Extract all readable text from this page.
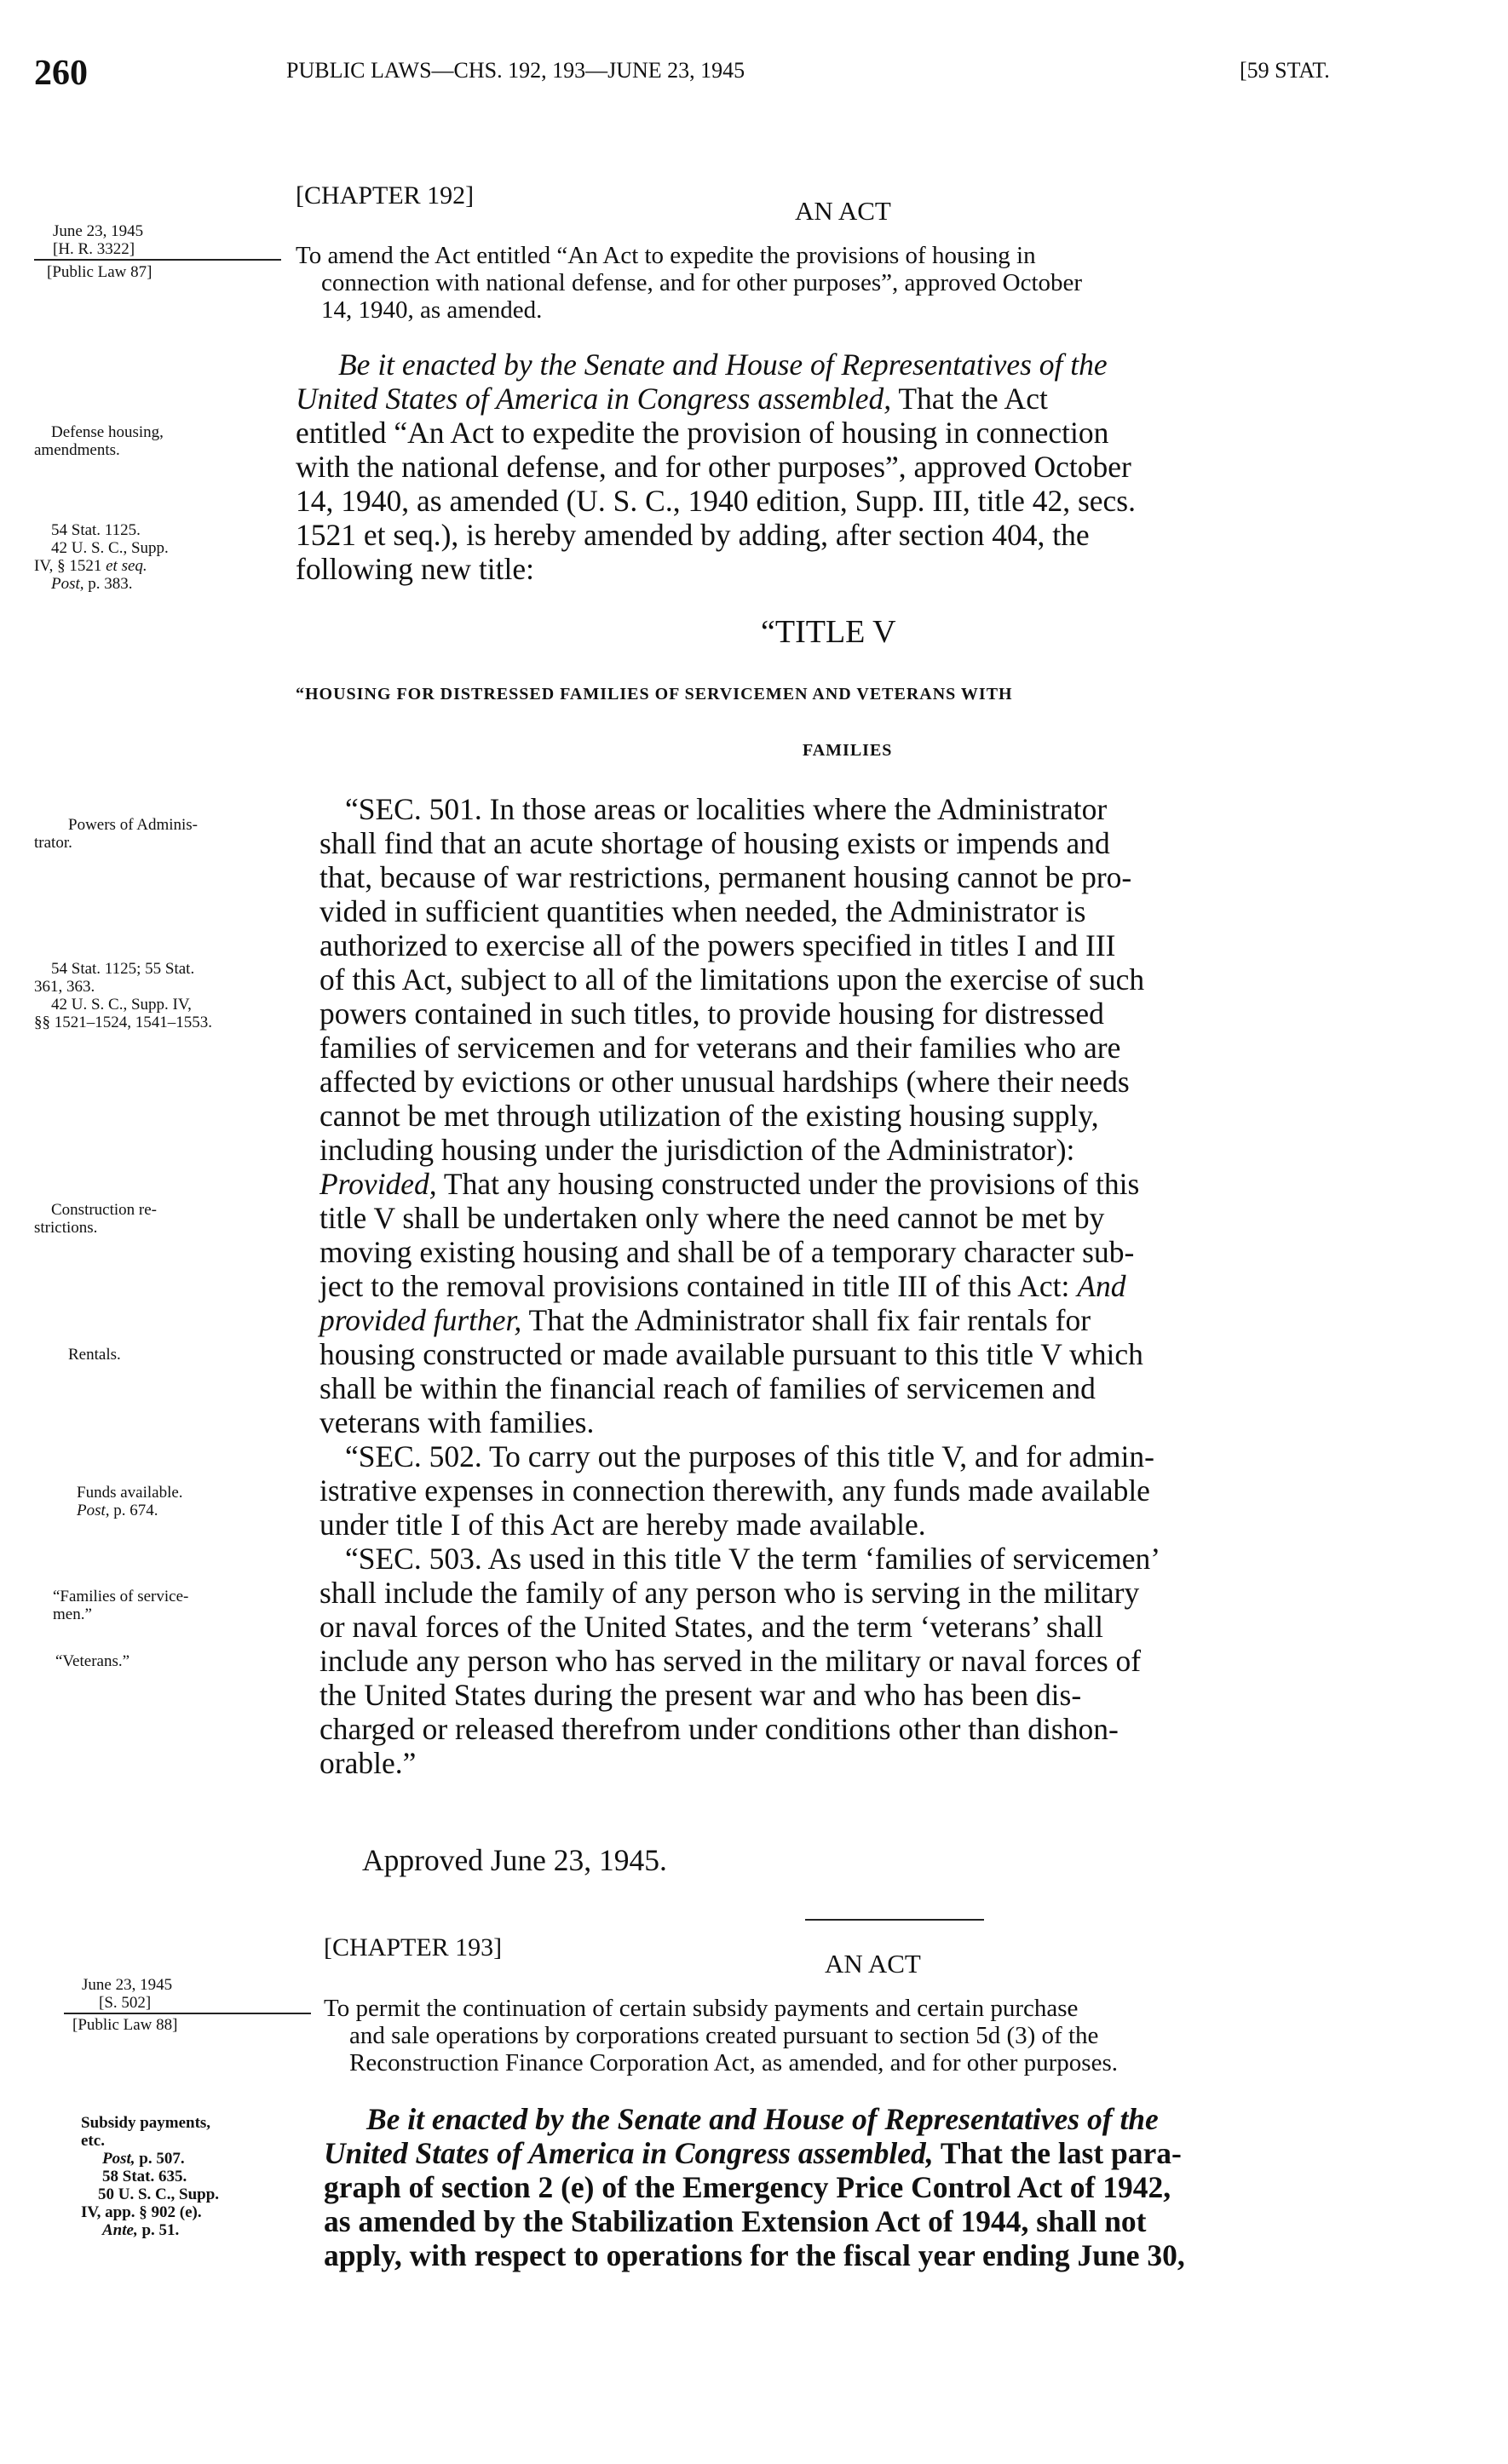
260	PUBLIC LAWS—CHS. 192, 193—JUNE 23, 1945	[59 STAT.
[CHAPTER 192]
AN ACT
June 23, 1945
[H. R. 3322]
[Public Law 87]
To amend the Act entitled “An Act to expedite the provisions of housing in
connection with national defense, and for other purposes”, approved October
14, 1940, as amended.
Be it enacted by the Senate and House of Representatives of the
United States of America in Congress assembled, That the Act
entitled “An Act to expedite the provision of housing in connection
with the national defense, and for other purposes”, approved October
14, 1940, as amended (U. S. C., 1940 edition, Supp. III, title 42, secs.
1521 et seq.), is hereby amended by adding, after section 404, the
following new title:
Defense housing,
amendments.
54 Stat. 1125.
42 U. S. C., Supp.
IV, § 1521 et seq.
Post, p. 383.
“TITLE V
“HOUSING FOR DISTRESSED FAMILIES OF SERVICEMEN AND VETERANS WITH
FAMILIES
“SEC. 501. In those areas or localities where the Administrator
shall find that an acute shortage of housing exists or impends and
that, because of war restrictions, permanent housing cannot be pro-
vided in sufficient quantities when needed, the Administrator is
authorized to exercise all of the powers specified in titles I and III
of this Act, subject to all of the limitations upon the exercise of such
powers contained in such titles, to provide housing for distressed
families of servicemen and for veterans and their families who are
affected by evictions or other unusual hardships (where their needs
cannot be met through utilization of the existing housing supply,
including housing under the jurisdiction of the Administrator):
Provided, That any housing constructed under the provisions of this
title V shall be undertaken only where the need cannot be met by
moving existing housing and shall be of a temporary character sub-
ject to the removal provisions contained in title III of this Act: And
provided further, That the Administrator shall fix fair rentals for
housing constructed or made available pursuant to this title V which
shall be within the financial reach of families of servicemen and
veterans with families.
Powers of Adminis-
trator.
54 Stat. 1125; 55 Stat.
361, 363.
42 U. S. C., Supp. IV,
§§ 1521–1524, 1541–1553.
Construction re-
strictions.
Rentals.
“SEC. 502. To carry out the purposes of this title V, and for admin-
istrative expenses in connection therewith, any funds made available
under title I of this Act are hereby made available.
Funds available.
Post, p. 674.
“SEC. 503. As used in this title V the term ‘families of servicemen’
shall include the family of any person who is serving in the military
or naval forces of the United States, and the term ‘veterans’ shall
include any person who has served in the military or naval forces of
the United States during the present war and who has been dis-
charged or released therefrom under conditions other than dishon-
orable.”
“Families of service-
men.”
“Veterans.”
Approved June 23, 1945.
[CHAPTER 193]
AN ACT
June 23, 1945
[S. 502]
[Public Law 88]
To permit the continuation of certain subsidy payments and certain purchase
and sale operations by corporations created pursuant to section 5d (3) of the
Reconstruction Finance Corporation Act, as amended, and for other purposes.
Be it enacted by the Senate and House of Representatives of the
United States of America in Congress assembled, That the last para-
graph of section 2 (e) of the Emergency Price Control Act of 1942,
as amended by the Stabilization Extension Act of 1944, shall not
apply, with respect to operations for the fiscal year ending June 30,
Subsidy payments,
etc.
Post, p. 507.
58 Stat. 635.
50 U. S. C., Supp.
IV, app. § 902 (e).
Ante, p. 51.
